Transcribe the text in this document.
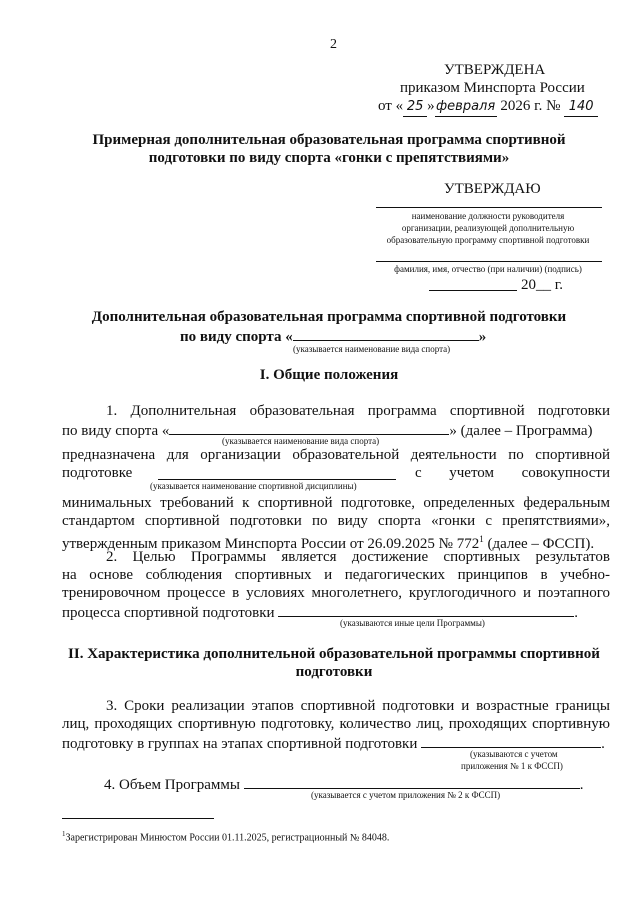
2
УТВЕРЖДЕНА
приказом Минспорта России
от « 25 »февраля 2026 г. № 140
Примерная дополнительная образовательная программа спортивной
подготовки по виду спорта «гонки с препятствиями»
УТВЕРЖДАЮ
наименование должности руководителя
организации, реализующей дополнительную
образовательную программу спортивной подготовки
фамилия, имя, отчество (при наличии) (подпись)
20__ г.
Дополнительная образовательная программа спортивной подготовки
по виду спорта «	»
(указывается наименование вида спорта)
I. Общие положения
1. Дополнительная образовательная программа спортивной подготовки
по виду спорта «	» (далее – Программа)
(указывается наименование вида спорта)
предназначена для организации образовательной деятельности по спортивной
подготовке	с учетом совокупности
(указывается наименование спортивной дисциплины)
минимальных требований к спортивной подготовке, определенных федеральным
стандартом спортивной подготовки по виду спорта «гонки с препятствиями»,
утвержденным приказом Минспорта России от 26.09.2025 № $772^1$ (далее – ФССП).
2. Целью Программы является достижение спортивных результатов
на основе соблюдения спортивных и педагогических принципов в учебно-
тренировочном процессе в условиях многолетнего, круглогодичного и поэтапного
процесса спортивной подготовки	.
(указываются иные цели Программы)
II. Характеристика дополнительной образовательной программы спортивной
подготовки
3. Сроки реализации этапов спортивной подготовки и возрастные границы
лиц, проходящих спортивную подготовку, количество лиц, проходящих спортивную
подготовку в группах на этапах спортивной подготовки	.
(указываются с учетом
приложения № 1 к ФССП)
4. Объем Программы	.
(указывается с учетом приложения № 2 к ФССП)
$^1$Зарегистрирован Минюстом России 01.11.2025, регистрационный № 84048.
